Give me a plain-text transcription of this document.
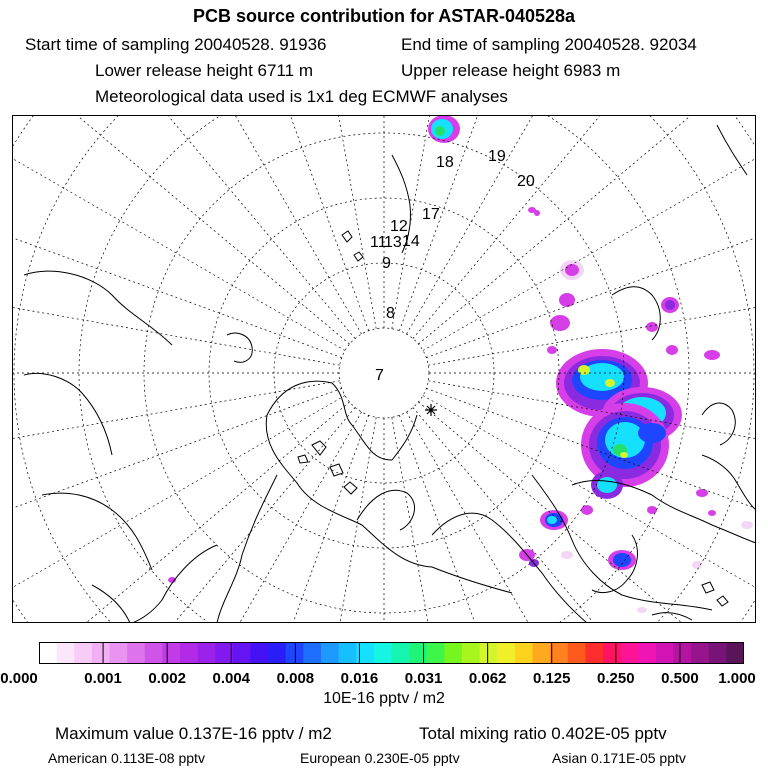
PCB source contribution for ASTAR-040528a
Start time of sampling 20040528. 91936	End time of sampling 20040528. 92034
Lower release height 6711 m	Upper release height 6983 m
Meteorological data used is 1x1 deg ECMWF analyses
7
8
9
11
12
13 14
17
18 19
20
0.000	0.001 0.002 0.004 0.008 0.016 0.031 0.062 0.125 0.250 0.500 1.000
10E-16 pptv / m2
Maximum value 0.137E-16 pptv / m2	Total mixing ratio 0.402E-05 pptv
American 0.113E-08 pptv	European 0.230E-05 pptv	Asian 0.171E-05 pptv
